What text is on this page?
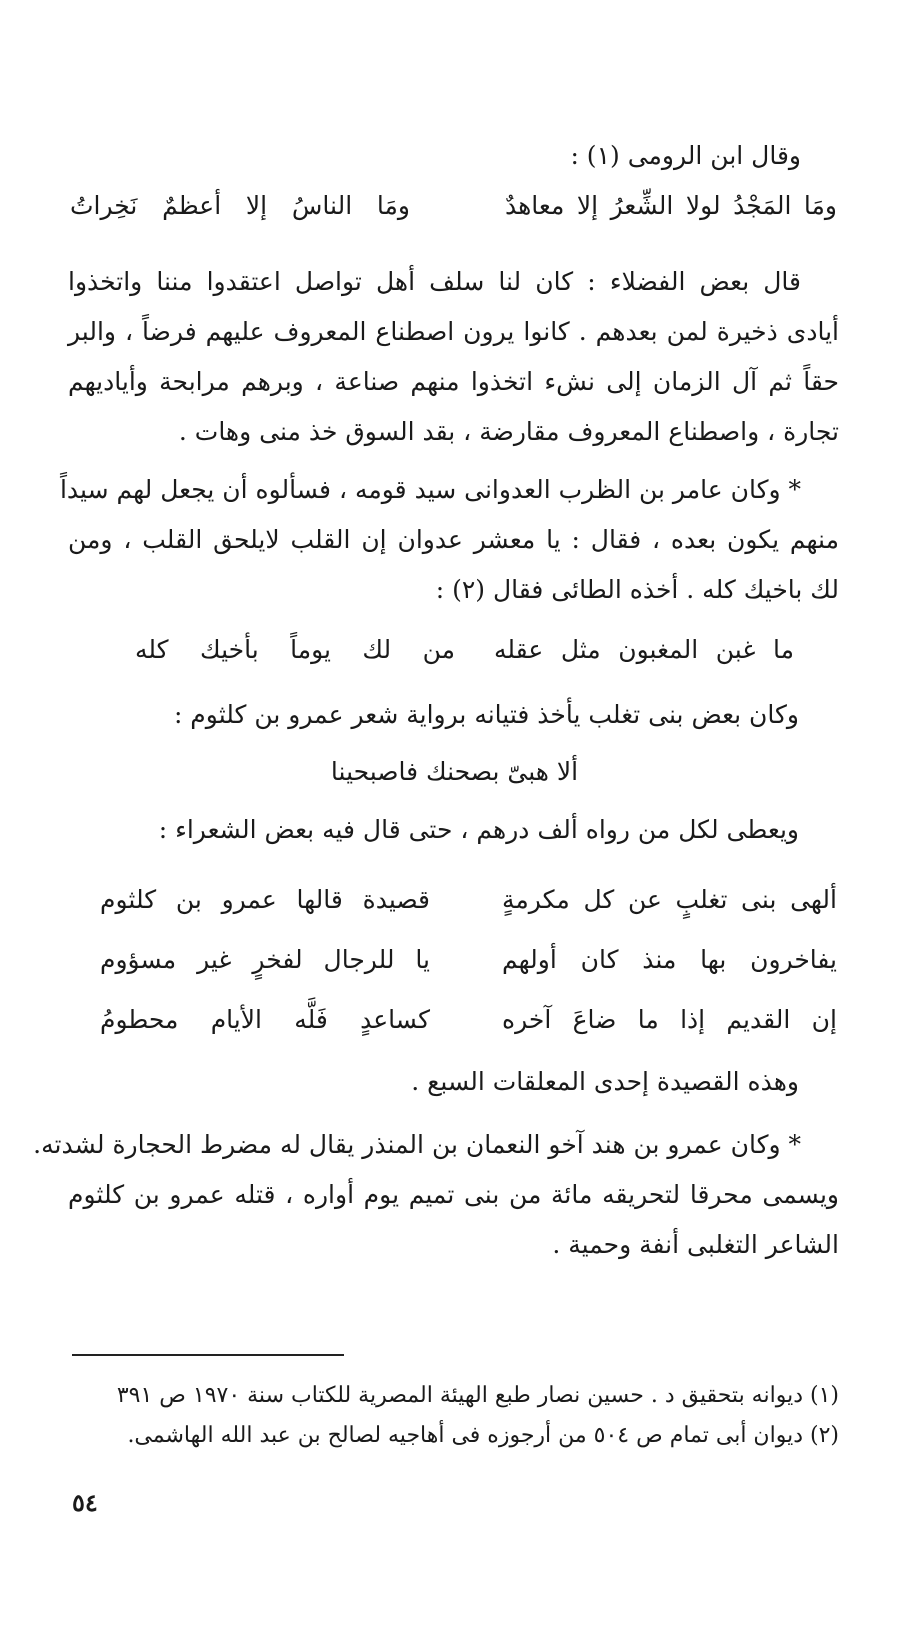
وقال ابن الرومى (١) :
ومَا المَجْدُ لولا الشِّعرُ إلا معاهدٌ
ومَا الناسُ إلا أعظمٌ نَخِراتُ
قال بعض الفضلاء : كان لنا سلف أهل تواصل اعتقدوا مننا واتخذوا
أيادى ذخيرة لمن بعدهم . كانوا يرون اصطناع المعروف عليهم فرضاً ، والبر
حقاً ثم آل الزمان إلى نشء اتخذوا منهم صناعة ، وبرهم مرابحة وأياديهم
تجارة ، واصطناع المعروف مقارضة ، بقد السوق خذ منى وهات .
* وكان عامر بن الظرب العدوانى سيد قومه ، فسألوه أن يجعل لهم سيداً
منهم يكون بعده ، فقال : يا معشر عدوان إن القلب لايلحق القلب ، ومن
لك باخيك كله . أخذه الطائى فقال (٢) :
ما غبن المغبون مثل عقله
من لك يوماً بأخيك كله
وكان بعض بنى تغلب يأخذ فتيانه برواية شعر عمرو بن كلثوم :
ألا هبىّ بصحنك فاصبحينا
ويعطى لكل من رواه ألف درهم ، حتى قال فيه بعض الشعراء :
ألهى بنى تغلبٍ عن كل مكرمةٍ
قصيدة قالها عمرو بن كلثوم
يفاخرون بها منذ كان أولهم
يا للرجال لفخرٍ غير مسؤوم
إن القديم إذا ما ضاعَ آخره
كساعدٍ فَلَّه الأيام محطومُ
وهذه القصيدة إحدى المعلقات السبع .
* وكان عمرو بن هند آخو النعمان بن المنذر يقال له مضرط الحجارة لشدته.
ويسمى محرقا لتحريقه مائة من بنى تميم يوم أواره ، قتله عمرو بن كلثوم
الشاعر التغلبى أنفة وحمية .
(١) ديوانه بتحقيق د . حسين نصار طبع الهيئة المصرية للكتاب سنة ١٩٧٠ ص ٣٩١
(٢) ديوان أبى تمام ص ٥٠٤ من أرجوزه فى أهاجيه لصالح بن عبد الله الهاشمى.
٥٤
